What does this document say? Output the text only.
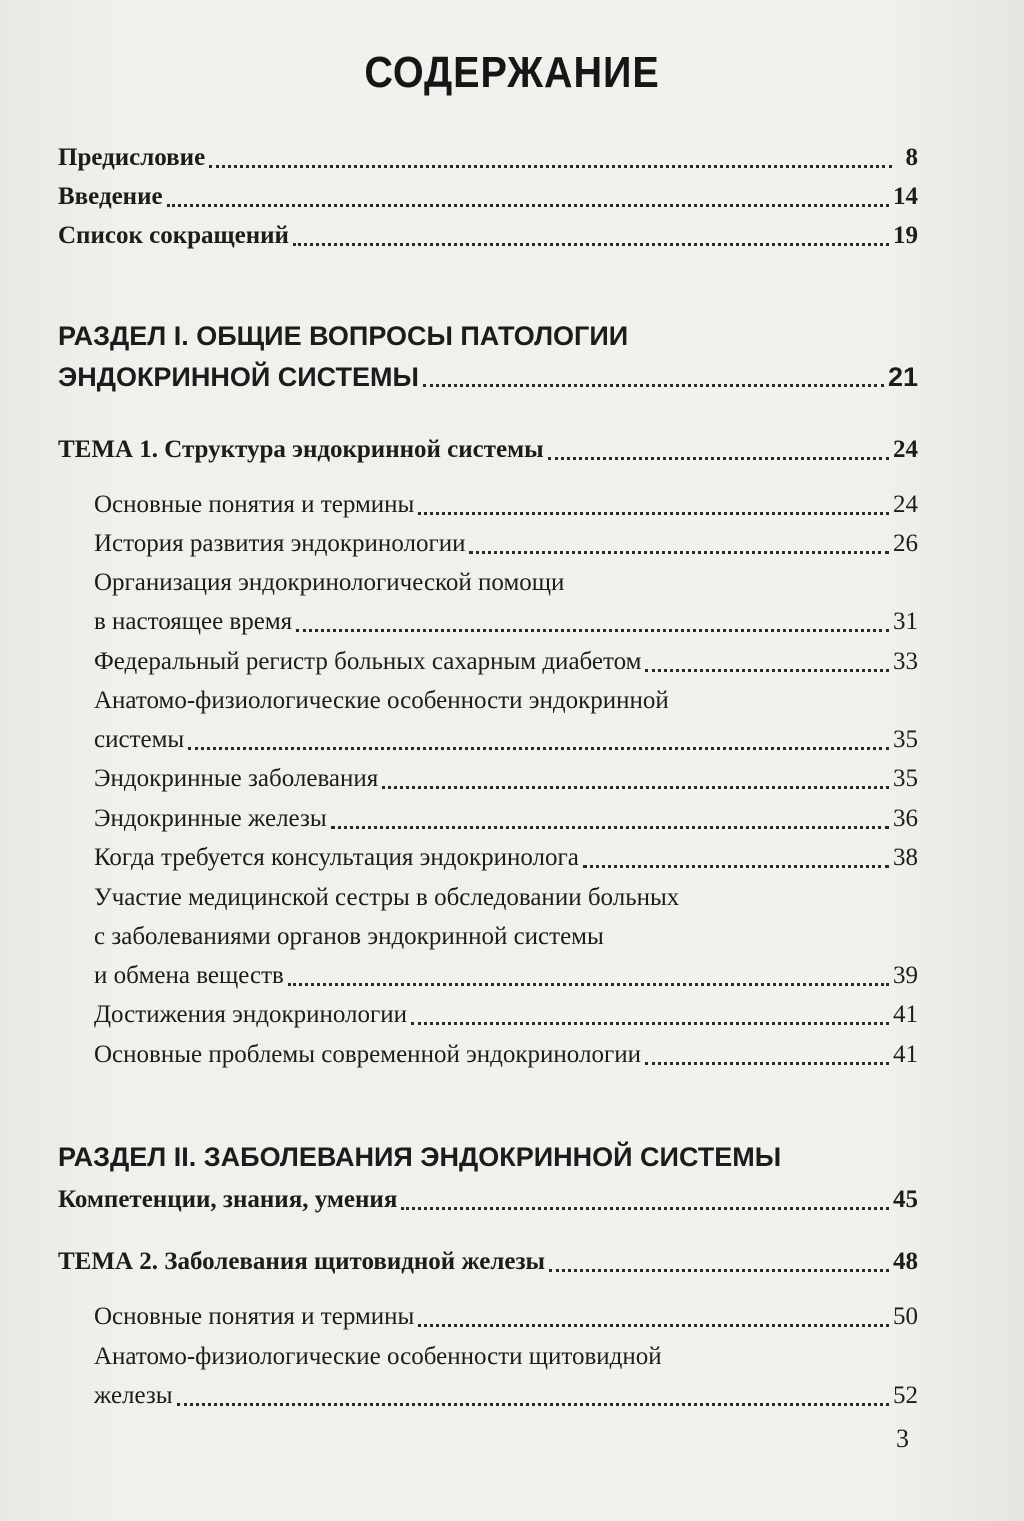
СОДЕРЖАНИЕ
Предисловие	8
Введение	14
Список сокращений	19
РАЗДЕЛ I. ОБЩИЕ ВОПРОСЫ ПАТОЛОГИИ
ЭНДОКРИННОЙ СИСТЕМЫ	21
ТЕМА 1. Структура эндокринной системы	24
Основные понятия и термины	24
История развития эндокринологии	26
Организация эндокринологической помощи
в настоящее время	31
Федеральный регистр больных сахарным диабетом	33
Анатомо-физиологические особенности эндокринной
системы	35
Эндокринные заболевания	35
Эндокринные железы	36
Когда требуется консультация эндокринолога	38
Участие медицинской сестры в обследовании больных
с заболеваниями органов эндокринной системы
и обмена веществ	39
Достижения эндокринологии	41
Основные проблемы современной эндокринологии	41
РАЗДЕЛ II. ЗАБОЛЕВАНИЯ ЭНДОКРИННОЙ СИСТЕМЫ
Компетенции, знания, умения	45
ТЕМА 2. Заболевания щитовидной железы	48
Основные понятия и термины	50
Анатомо-физиологические особенности щитовидной
железы	52
3
